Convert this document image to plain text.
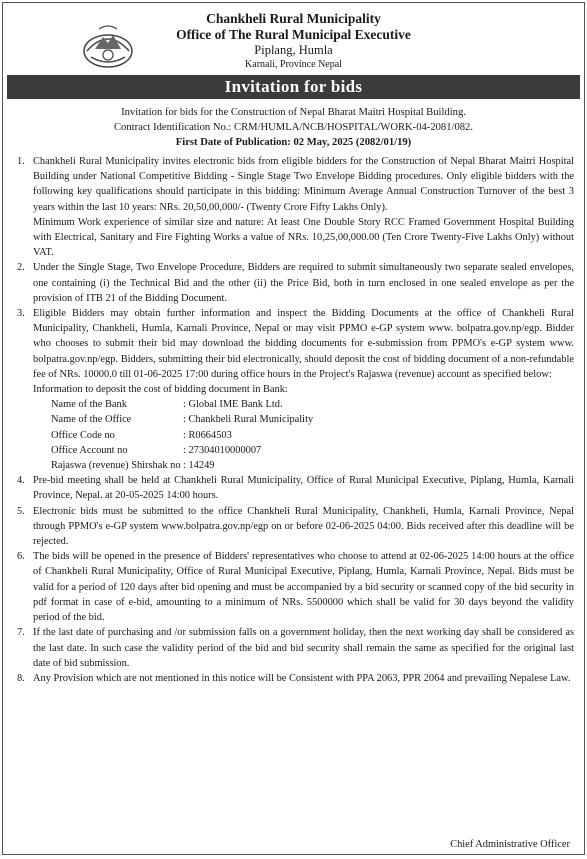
Chankheli Rural Municipality
Office of The Rural Municipal Executive
Piplang, Humla
Karnali, Province Nepal
Invitation for bids
Invitation for bids for the Construction of Nepal Bharat Maitri Hospital Building.
Contract Identification No.: CRM/HUMLA/NCB/HOSPITAL/WORK-04-2081/082.
First Date of Publication: 02 May, 2025 (2082/01/19)
1. Chankheli Rural Municipality invites electronic bids from eligible bidders for the Construction of Nepal Bharat Maitri Hospital Building under National Competitive Bidding - Single Stage Two Envelope Bidding procedures. Only eligible bidders with the following key qualifications should participate in this bidding: Minimum Average Annual Construction Turnover of the best 3 years within the last 10 years: NRs. 20,50,00,000/- (Twenty Crore Fifty Lakhs Only).

Minimum Work experience of similar size and nature: At least One Double Story RCC Framed Government Hospital Building with Electrical, Sanitary and Fire Fighting Works a value of NRs. 10,25,00,000.00 (Ten Crore Twenty-Five Lakhs Only) without VAT.

2. Under the Single Stage, Two Envelope Procedure, Bidders are required to submit simultaneously two separate sealed envelopes, one containing (i) the Technical Bid and the other (ii) the Price Bid, both in turn enclosed in one sealed envelope as per the provision of ITB 21 of the Bidding Document.

3. Eligible Bidders may obtain further information and inspect the Bidding Documents at the office of Chankheli Rural Municipality, Chankheli, Humla, Karnali Province, Nepal or may visit PPMO e-GP system www. bolpatra.gov.np/egp. Bidder who chooses to submit their bid may download the bidding documents for e-submission from PPMO's e-GP system www. bolpatra.gov.np/egp. Bidders, submitting their bid electronically, should deposit the cost of bidding document of a non-refundable fee of NRs. 10000.0 till 01-06-2025 17:00 during office hours in the Project's Rajaswa (revenue) account as specified below:

Information to deposit the cost of bidding document in Bank:

Name of the Bank	: Global IME Bank Ltd.
Name of the Office	: Chankheli Rural Municipality
Office Code no	: R0664503
Office Account no	: 27304010000007
Rajaswa (revenue) Shirshak no : 14249
4. Pre-bid meeting shall be held at Chankheli Rural Municipality, Office of Rural Municipal Executive, Piplang, Humla, Karnali Province, Nepal. at 20-05-2025 14:00 hours.

5. Electronic bids must be submitted to the office Chankheli Rural Municipality, Chankheli, Humla, Karnali Province, Nepal through PPMO's e-GP system www.bolpatra.gov.np/egp on or before 02-06-2025 04:00. Bids received after this deadline will be rejected.

6. The bids will be opened in the presence of Bidders' representatives who choose to attend at 02-06-2025 14:00 hours at the office of Chankheli Rural Municipality, Office of Rural Municipal Executive, Piplang, Humla, Karnali Province, Nepal. Bids must be valid for a period of 120 days after bid opening and must be accompanied by a bid security or scanned copy of the bid security in pdf format in case of e-bid, amounting to a minimum of NRs. 5500000 which shall be valid for 30 days beyond the validity period of the bid.

7. If the last date of purchasing and /or submission falls on a government holiday, then the next working day shall be considered as the last date. In such case the validity period of the bid and bid security shall remain the same as specified for the original last date of bid submission.

8. Any Provision which are not mentioned in this notice will be Consistent with PPA 2063, PPR 2064 and prevailing Nepalese Law.

Chief Administrative Officer
